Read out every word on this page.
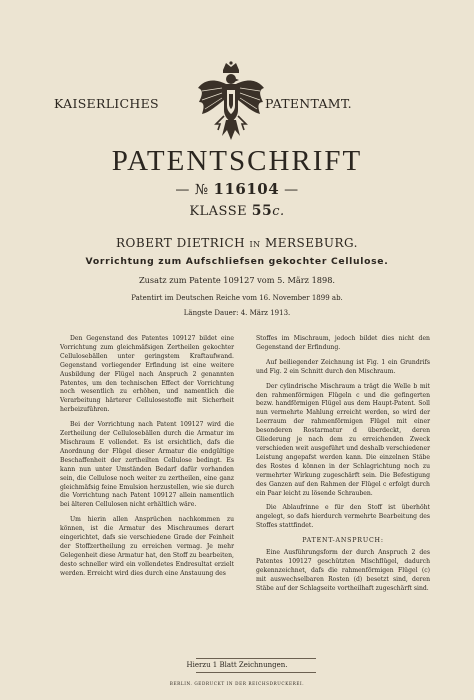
KAISERLICHES	PATENTAMT.
PATENTSCHRIFT
— № 116104 —
KLASSE 55c.
ROBERT DIETRICH IN MERSEBURG.
Vorrichtung zum Aufschliefsen gekochter Cellulose.
Zusatz zum Patente 109127 vom 5. März 1898.
Patentirt im Deutschen Reiche vom 16. November 1899 ab.
Längste Dauer: 4. März 1913.

Den Gegenstand des Patentes 109127 bildet eine Vorrichtung zum gleichmäfsigen Zertheilen gekochter Cellulosebällen unter geringstem Kraftaufwand. Gegenstand vorliegender Erfindung ist eine weitere Ausbildung der Flügel nach Anspruch 2 genannten Patentes, um den technischen Effect der Vorrichtung noch wesentlich zu erhöhen, und namentlich die Verarbeitung härterer Cellulosestoffe mit Sicherheit herbeizuführen.

Bei der Vorrichtung nach Patent 109127 wird die Zertheilung der Cellulosebällen durch die Armatur im Mischraum E vollendet. Es ist ersichtlich, dafs die Anordnung der Flügel dieser Armatur die endgültige Beschaffenheit der zertheilten Cellulose bedingt. Es kann nun unter Umständen Bedarf dafür vorhanden sein, die Cellulose noch weiter zu zertheilen, eine ganz gleichmäfsig feine Emulsion herzustellen, wie sie durch die Vorrichtung nach Patent 109127 allein namentlich bei älteren Cellulosen nicht erhältlich wäre.

Um hierin allen Ansprüchen nachkommen zu können, ist die Armatur des Mischraumes derart eingerichtet, dafs sie verschiedene Grade der Feinheit der Stoffzertheilung zu erreichen vermag. Je mehr Gelegenheit diese Armatur hat, den Stoff zu bearbeiten, desto schneller wird ein vollendetes Endresultat erzielt werden. Erreicht wird dies durch eine Anstauung des

Stoffes im Mischraum, jedoch bildet dies nicht den Gegenstand der Erfindung.

Auf beiliegender Zeichnung ist Fig. 1 ein Grundrifs und Fig. 2 ein Schnitt durch den Mischraum.

Der cylindrische Mischraum a trägt die Welle b mit den rahmenförmigen Flügeln c und die gefingerten bezw. handförmigen Flügel aus dem Haupt-Patent. Soll nun vermehrte Mahlung erreicht werden, so wird der Leerraum der rahmenförmigen Flügel mit einer besonderen Rostarmatur d überdeckt, deren Gliederung je nach dem zu erreichenden Zweck verschieden weit ausgeführt und deshalb verschiedener Leistung angepafst werden kann. Die einzelnen Stäbe des Rostes d können in der Schlagrichtung noch zu vermehrter Wirkung zugeschärft sein. Die Befestigung des Ganzen auf den Rahmen der Flügel c erfolgt durch ein Paar leicht zu lösende Schrauben.

Die Ablaufrinne e für den Stoff ist überhöht angelegt, so dafs hierdurch vermehrte Bearbeitung des Stoffes stattfindet.

PATENT-ANSPRUCH:

Eine Ausführungsform der durch Anspruch 2 des Patentes 109127 geschützten Mischflügel, dadurch gekennzeichnet, dafs die rahmenförmigen Flügel (c) mit auswechselbaren Rosten (d) besetzt sind, deren Stäbe auf der Schlagseite vortheilhaft zugeschärft sind.

Hierzu 1 Blatt Zeichnungen.
BERLIN. GEDRUCKT IN DER REICHSDRUCKEREI.
